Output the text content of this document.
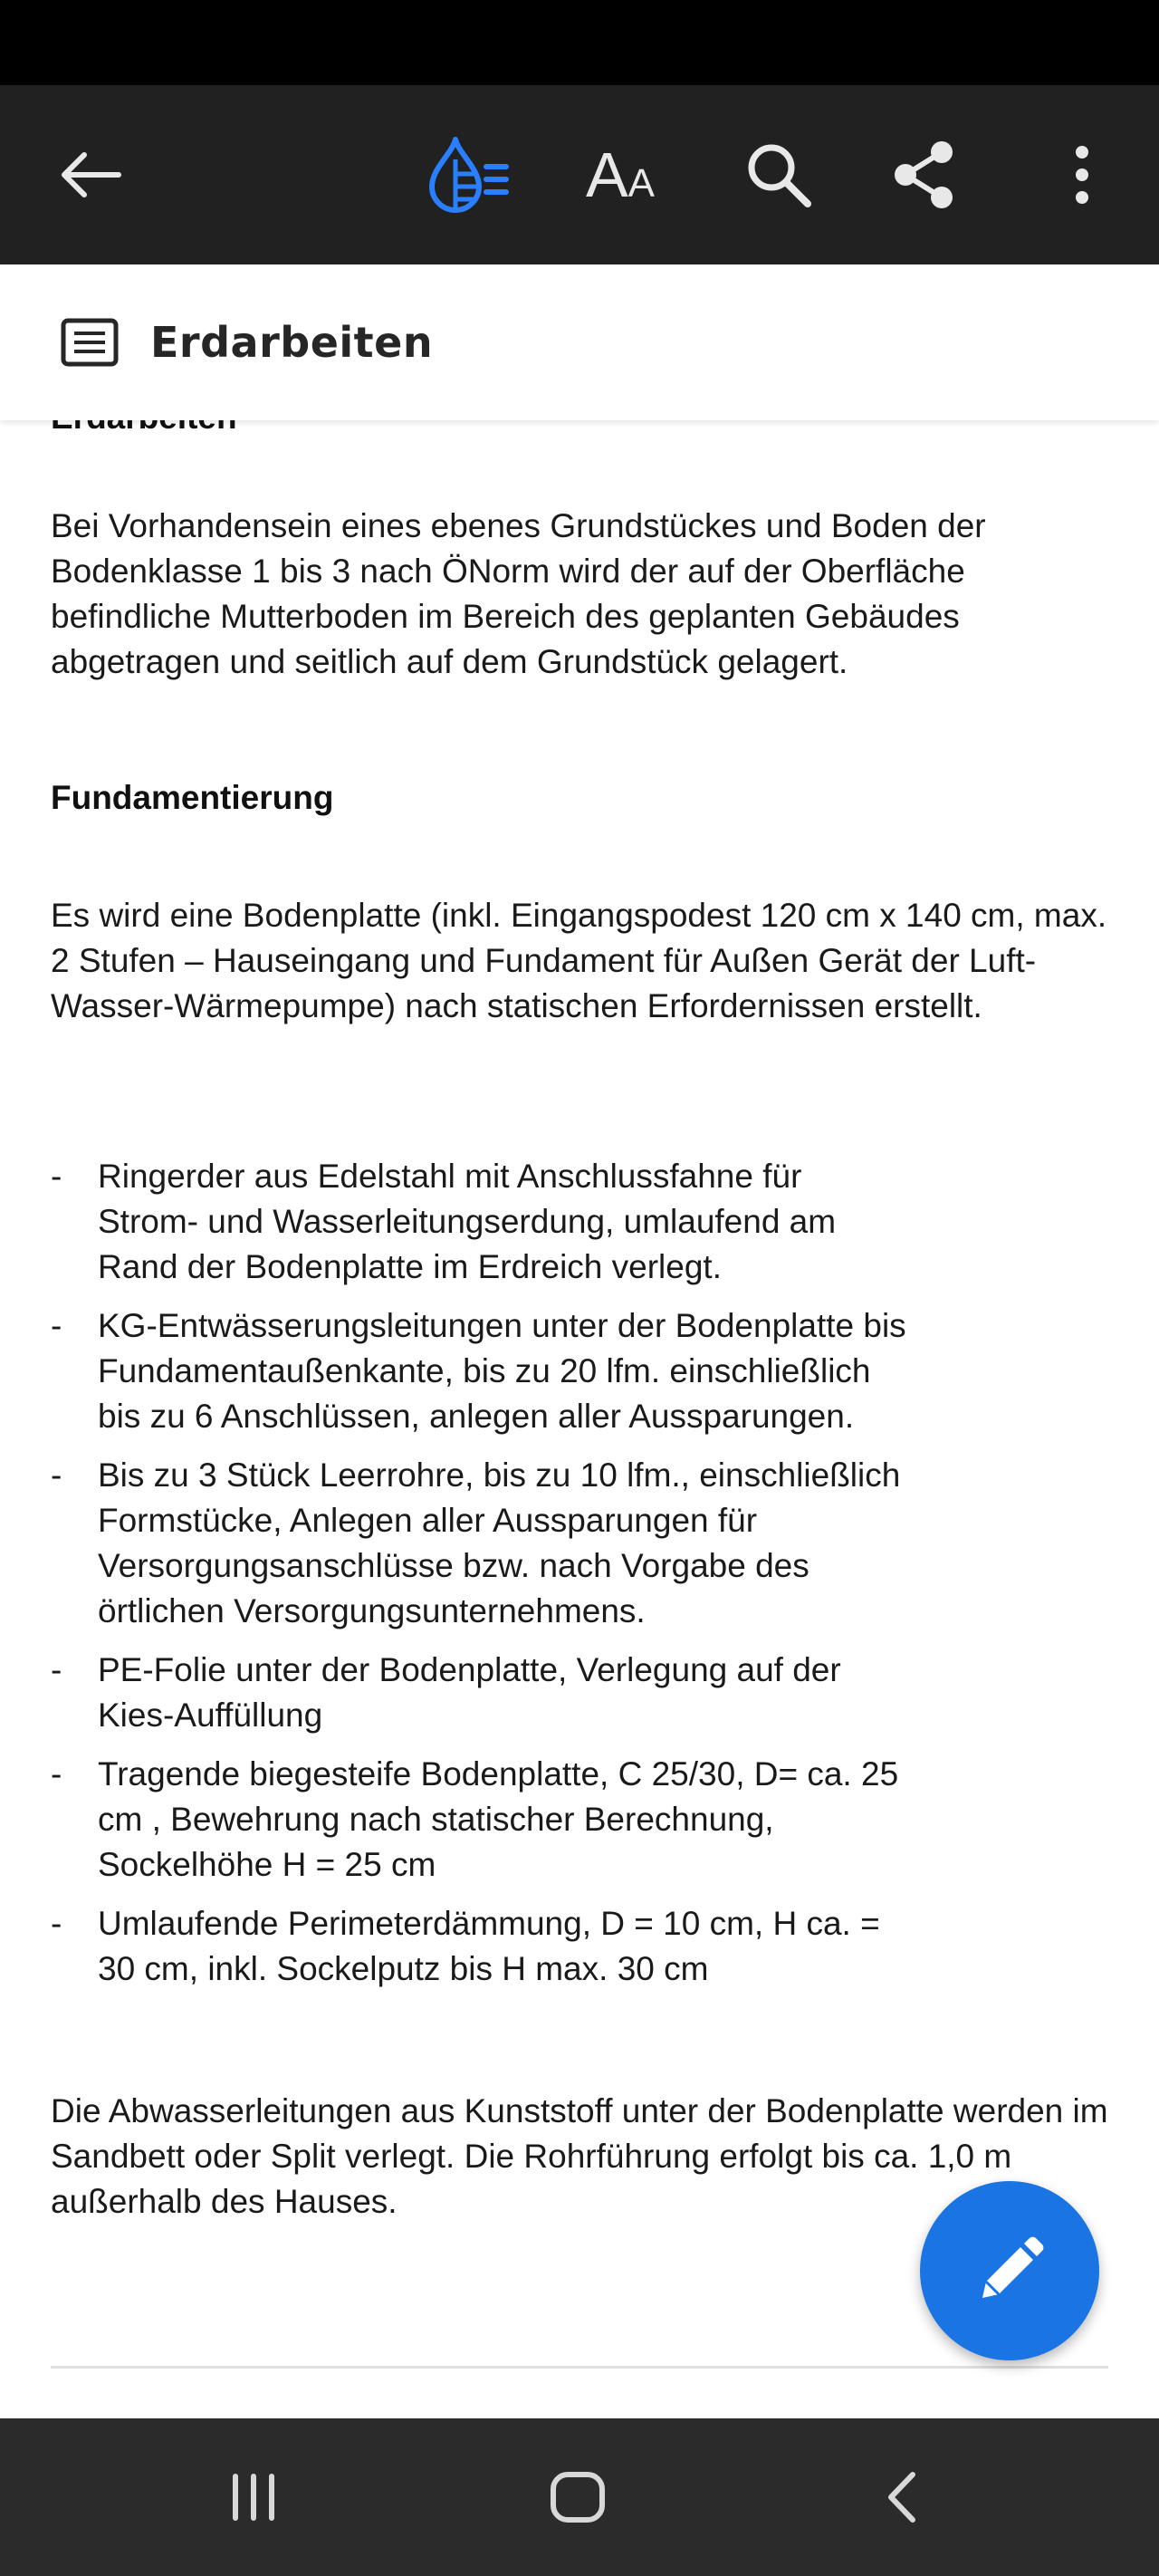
A A
Erdarbeiten

Bei Vorhandensein eines ebenes Grundstückes und Boden der Bodenklasse 1 bis 3 nach ÖNorm wird der auf der Oberfläche befindliche Mutterboden im Bereich des geplanten Gebäudes abgetragen und seitlich auf dem Grundstück gelagert.

Fundamentierung

Es wird eine Bodenplatte (inkl. Eingangspodest 120 cm x 140 cm, max. 2 Stufen – Hauseingang und Fundament für Außen Gerät der Luft-Wasser-Wärmepumpe) nach statischen Erfordernissen erstellt.

- Ringerder aus Edelstahl mit Anschlussfahne für
Strom- und Wasserleitungserdung, umlaufend am
Rand der Bodenplatte im Erdreich verlegt.
- KG-Entwässerungsleitungen unter der Bodenplatte bis
Fundamentaußenkante, bis zu 20 lfm. einschließlich
bis zu 6 Anschlüssen, anlegen aller Aussparungen.
- Bis zu 3 Stück Leerrohre, bis zu 10 lfm., einschließlich
Formstücke, Anlegen aller Aussparungen für
Versorgungsanschlüsse bzw. nach Vorgabe des
örtlichen Versorgungsunternehmens.
- PE-Folie unter der Bodenplatte, Verlegung auf der
Kies-Auffüllung
- Tragende biegesteife Bodenplatte, C 25/30, D= ca. 25
cm , Bewehrung nach statischer Berechnung,
Sockelhöhe H = 25 cm
- Umlaufende Perimeterdämmung, D = 10 cm, H ca. =
30 cm, inkl. Sockelputz bis H max. 30 cm

Die Abwasserleitungen aus Kunststoff unter der Bodenplatte werden im Sandbett oder Split verlegt. Die Rohrführung erfolgt bis ca. 1,0 m außerhalb des Hauses.
